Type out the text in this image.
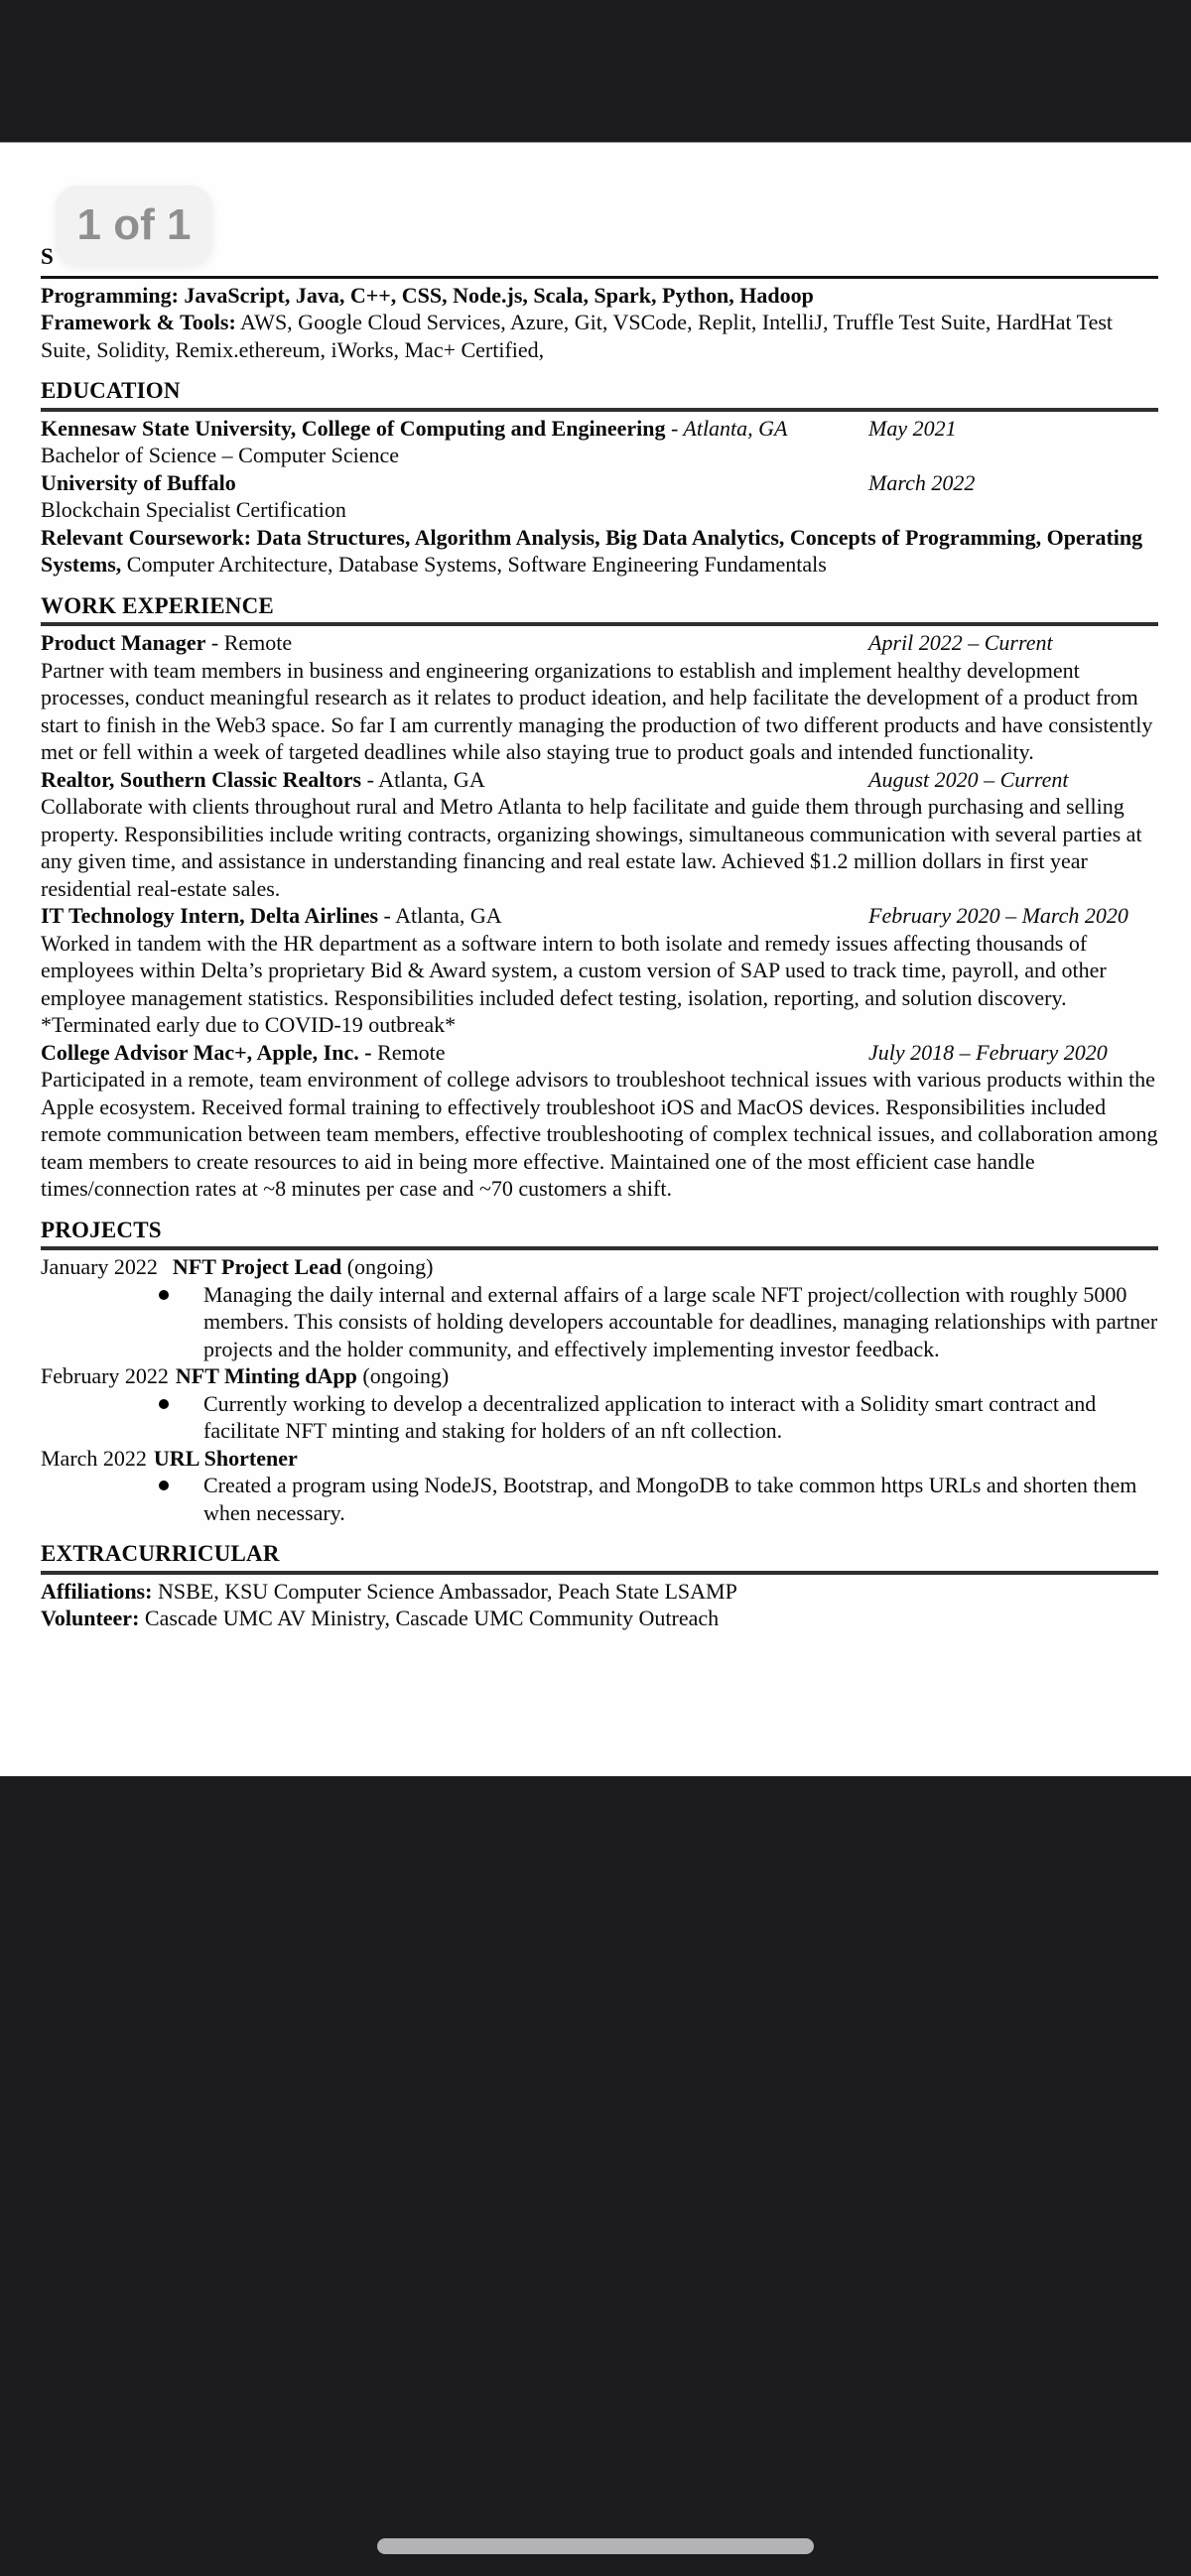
1 of 1
S
Programming: JavaScript, Java, C++, CSS, Node.js, Scala, Spark, Python, Hadoop
Framework & Tools: AWS, Google Cloud Services, Azure, Git, VSCode, Replit, IntelliJ, Truffle Test Suite, HardHat Test Suite, Solidity, Remix.ethereum, iWorks, Mac+ Certified,
EDUCATION
Kennesaw State University, College of Computing and Engineering - Atlanta, GA	May 2021
Bachelor of Science – Computer Science
University of Buffalo	March 2022
Blockchain Specialist Certification
Relevant Coursework: Data Structures, Algorithm Analysis, Big Data Analytics, Concepts of Programming, Operating Systems, Computer Architecture, Database Systems, Software Engineering Fundamentals
WORK EXPERIENCE
Product Manager - Remote	April 2022 – Current
Partner with team members in business and engineering organizations to establish and implement healthy development processes, conduct meaningful research as it relates to product ideation, and help facilitate the development of a product from start to finish in the Web3 space. So far I am currently managing the production of two different products and have consistently met or fell within a week of targeted deadlines while also staying true to product goals and intended functionality.
Realtor, Southern Classic Realtors - Atlanta, GA	August 2020 – Current
Collaborate with clients throughout rural and Metro Atlanta to help facilitate and guide them through purchasing and selling property. Responsibilities include writing contracts, organizing showings, simultaneous communication with several parties at any given time, and assistance in understanding financing and real estate law. Achieved $1.2 million dollars in first year residential real-estate sales.
IT Technology Intern, Delta Airlines - Atlanta, GA	February 2020 – March 2020
Worked in tandem with the HR department as a software intern to both isolate and remedy issues affecting thousands of employees within Delta’s proprietary Bid & Award system, a custom version of SAP used to track time, payroll, and other employee management statistics. Responsibilities included defect testing, isolation, reporting, and solution discovery.
*Terminated early due to COVID-19 outbreak*
College Advisor Mac+, Apple, Inc. - Remote	July 2018 – February 2020
Participated in a remote, team environment of college advisors to troubleshoot technical issues with various products within the Apple ecosystem. Received formal training to effectively troubleshoot iOS and MacOS devices. Responsibilities included remote communication between team members, effective troubleshooting of complex technical issues, and collaboration among team members to create resources to aid in being more effective. Maintained one of the most efficient case handle times/connection rates at ~8 minutes per case and ~70 customers a shift.
PROJECTS
January 2022 NFT Project Lead (ongoing)
Managing the daily internal and external affairs of a large scale NFT project/collection with roughly 5000 members. This consists of holding developers accountable for deadlines, managing relationships with partner projects and the holder community, and effectively implementing investor feedback.
February 2022 NFT Minting dApp (ongoing)
Currently working to develop a decentralized application to interact with a Solidity smart contract and facilitate NFT minting and staking for holders of an nft collection.
March 2022 URL Shortener
Created a program using NodeJS, Bootstrap, and MongoDB to take common https URLs and shorten them when necessary.
EXTRACURRICULAR
Affiliations: NSBE, KSU Computer Science Ambassador, Peach State LSAMP
Volunteer: Cascade UMC AV Ministry, Cascade UMC Community Outreach
